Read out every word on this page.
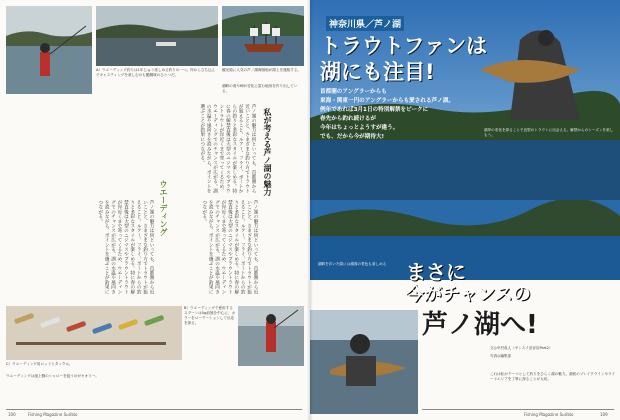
A）ウエーディング釣りは1年じゅう楽しめる釣りの一つ。岸から立ち込んでキャスティングを楽しむのも醍醐味のひとつだ。
観光船に人気の芦ノ湖海賊船が湖上を運航する。
湖畔の湾や岬が変化に富む地形を作り出している。
私が考える芦ノ湖の魅力
ウエーディング
芦ノ湖の魅力は何といっても、首都圏から近いことと、さまざまな釣り方でトラウトが狙えること。ルアー、フライ、ボートからの釣りと多彩なスタイルが楽しめる。特に春の解禁直後は大型のニジマスやブラウントラウトが岸近くまで寄ってくるため、ウエーディングでのチャンスが広がる。湖の水温や風向きを読みながら、ポイントを選ぶことが釣果につながる。
芦ノ湖の魅力は何といっても、首都圏から近いことと、さまざまな釣り方でトラウトが狙えること。ルアー、フライ、ボートからの釣りと多彩なスタイルが楽しめる。特に春の解禁直後は大型のニジマスやブラウントラウトが岸近くまで寄ってくるため、ウエーディングでのチャンスが広がる。湖の水温や風向きを読みながら、ポイントを選ぶことが釣果につながる。	芦ノ湖の魅力は何といっても、首都圏から近いことと、さまざまな釣り方でトラウトが狙えること。ルアー、フライ、ボートからの釣りと多彩なスタイルが楽しめる。特に春の解禁直後は大型のニジマスやブラウントラウトが岸近くまで寄ってくるため、ウエーディングでのチャンスが広がる。湖の水温や風向きを読みながら、ポイントを選ぶことが釣果につながる。
B）ウエーディングで使用するスプーンは5g前後を中心に、カラーをローテーションして反応を探る。
C）ウエーディング用ロッドとタックル。
ウエーディングは風上側のシャローを狙うのがセオリー。
100	Fishing Magazine Suriblo
神奈川県／芦ノ湖
トラウトファンは
湖にも注目!
首都圏のアングラーからも
東海・関東一円のアングラーからも愛される芦ノ湖。
例年であれば3月1日の特別解禁をピークに
春先から釣れ続けるが
今年はちょっとようすが違う。
でも、だから今が期待大!
湖岸の変化を探ることで良型のトラウトに出会える。解禁からのシーズンを楽しもう。
湖畔を歩いた際には湖面の景色も楽しめる まさに
今がチャンスの
芦ノ湖へ!
文◎中村成人（サンスイ渋谷店Part2）
写真◎編集部
これは私がテーマとして釣りをひらく湖の魅力。湖底のブレイクラインやウイードエリアを丁寧に探ることが大切。
Fishing Magazine Suriblo	109
